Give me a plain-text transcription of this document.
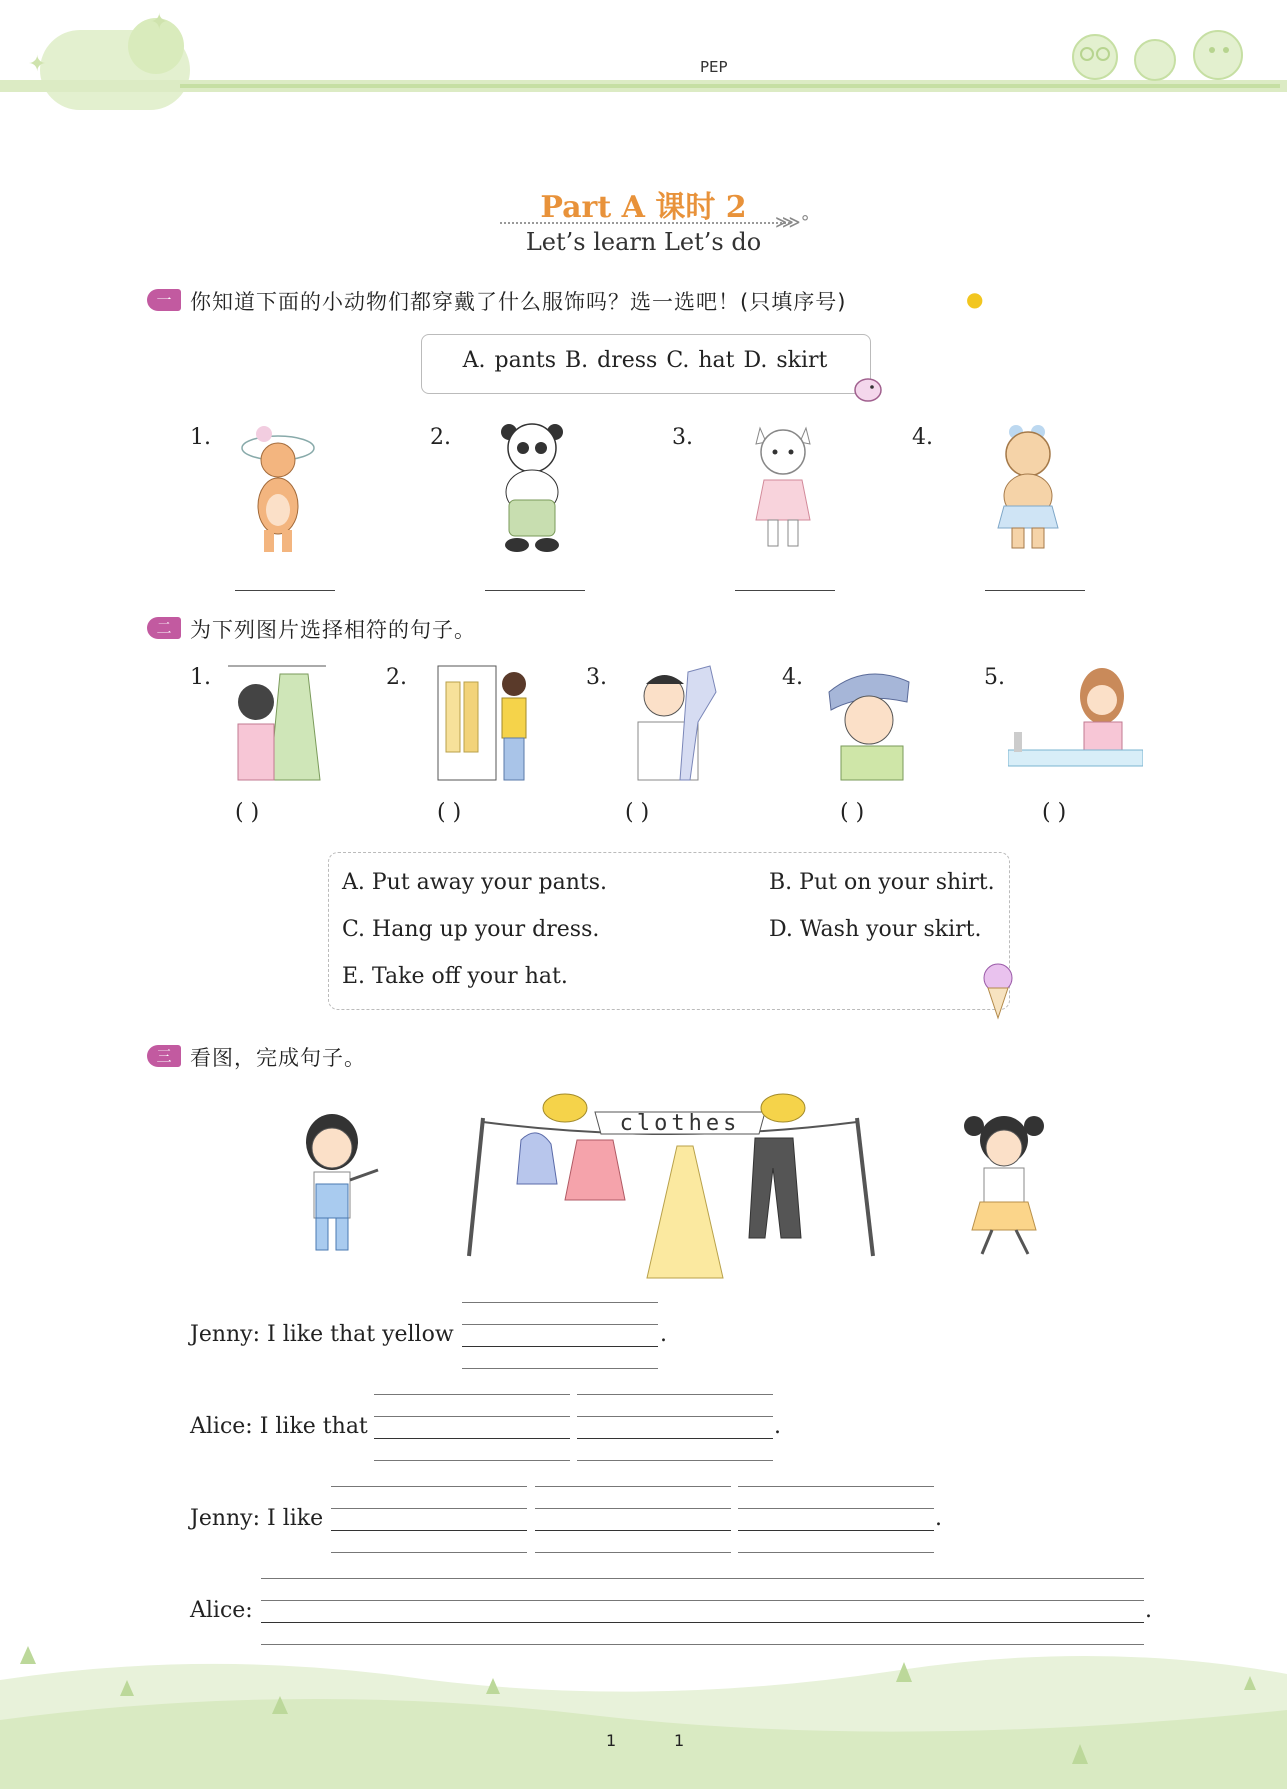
✦
✦
PEP
Part A 课时 2
Let’s learn Let’s do
⋙°
一 你知道下面的小动物们都穿戴了什么服饰吗？选一选吧！(只填序号)	●
A. pants B. dress C. hat D. skirt
1.	2.	3.	4.
二 为下列图片选择相符的句子。
1.
( )
2.
( )
3.
( )
4.
( )
5.
( )
A. Put away your pants.	B. Put on your shirt.
C. Hang up your dress.	D. Wash your skirt.
E. Take off your hat.
三 看图，完成句子。
clothes
Jenny: I like that yellow	.
Alice: I like that	.
Jenny: I like	.
Alice:	.
1	1
